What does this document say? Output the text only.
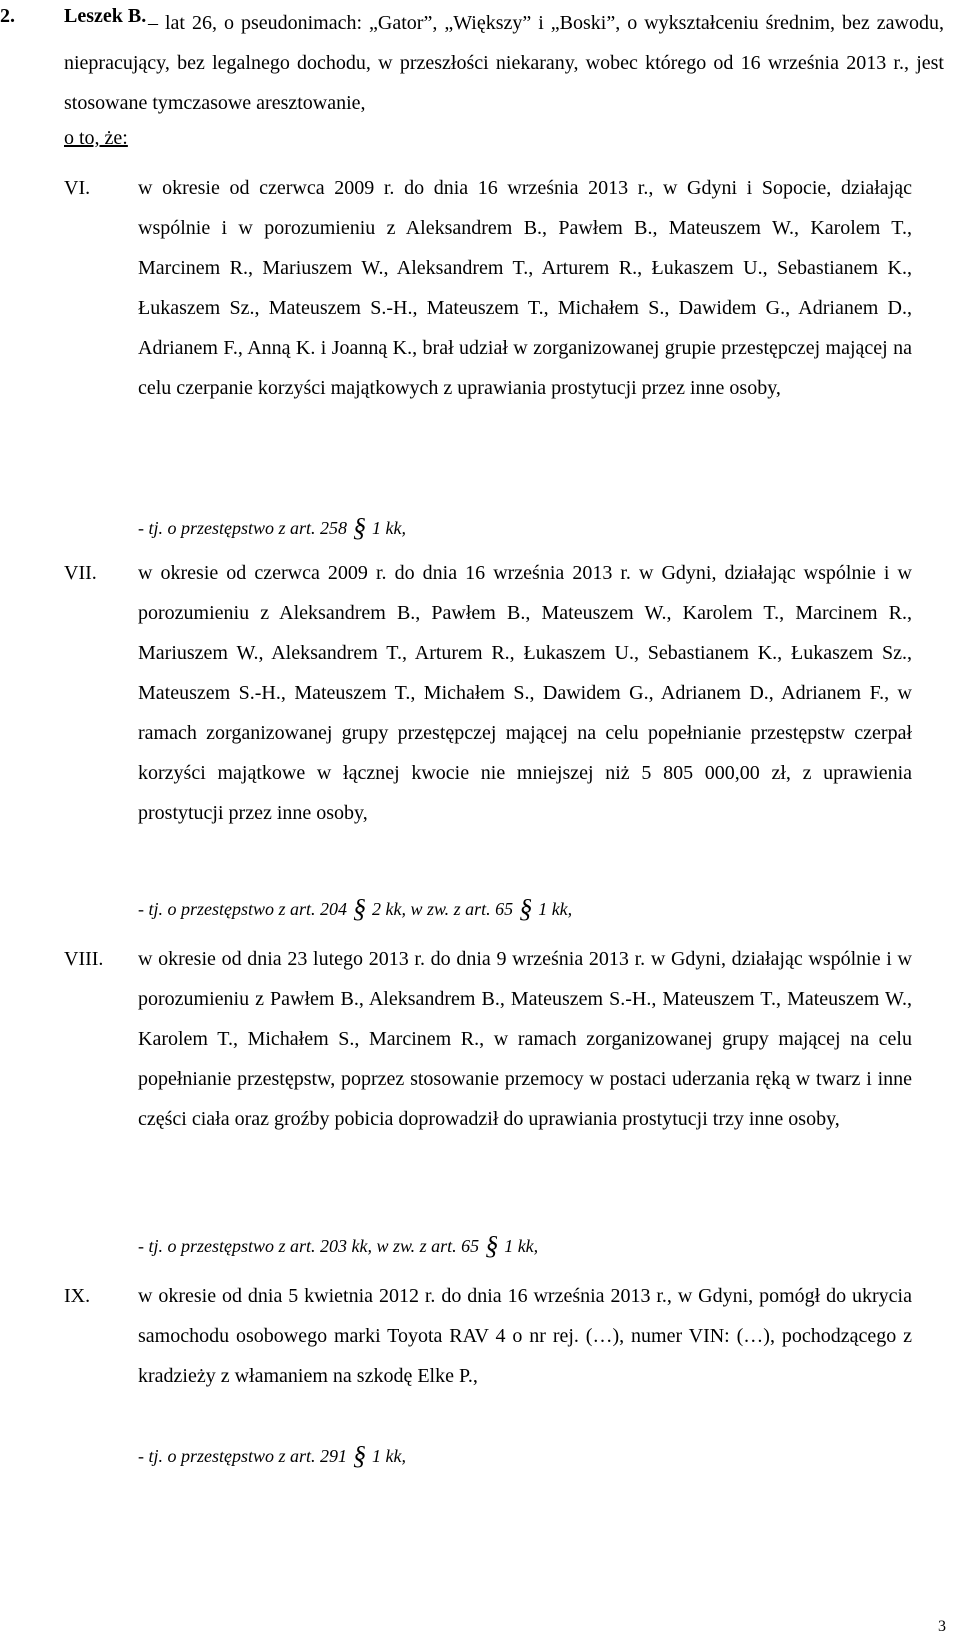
2. Leszek B. – lat 26, o pseudonimach: „Gator”, „Większy” i „Boski”, o wykształceniu średnim, bez zawodu, niepracujący, bez legalnego dochodu, w przeszłości niekarany, wobec którego od 16 września 2013 r., jest stosowane tymczasowe aresztowanie,
o to, że:
VI. w okresie od czerwca 2009 r. do dnia 16 września 2013 r., w Gdyni i Sopocie, działając wspólnie i w porozumieniu z Aleksandrem B., Pawłem B., Mateuszem W., Karolem T., Marcinem R., Mariuszem W., Aleksandrem T., Arturem R., Łukaszem U., Sebastianem K., Łukaszem Sz., Mateuszem S.-H., Mateuszem T., Michałem S., Dawidem G., Adrianem D., Adrianem F., Anną K. i Joanną K., brał udział w zorganizowanej grupie przestępczej mającej na celu czerpanie korzyści majątkowych z uprawiania prostytucji przez inne osoby,
- tj. o przestępstwo z art. 258 § 1 kk,
VII. w okresie od czerwca 2009 r. do dnia 16 września 2013 r. w Gdyni, działając wspólnie i w porozumieniu z Aleksandrem B., Pawłem B., Mateuszem W., Karolem T., Marcinem R., Mariuszem W., Aleksandrem T., Arturem R., Łukaszem U., Sebastianem K., Łukaszem Sz., Mateuszem S.-H., Mateuszem T., Michałem S., Dawidem G., Adrianem D., Adrianem F., w ramach zorganizowanej grupy przestępczej mającej na celu popełnianie przestępstw czerpał korzyści majątkowe w łącznej kwocie nie mniejszej niż 5 805 000,00 zł, z uprawienia prostytucji przez inne osoby,
- tj. o przestępstwo z art. 204 § 2 kk, w zw. z art. 65 § 1 kk,
VIII. w okresie od dnia 23 lutego 2013 r. do dnia 9 września 2013 r. w Gdyni, działając wspólnie i w porozumieniu z Pawłem B., Aleksandrem B., Mateuszem S.-H., Mateuszem T., Mateuszem W., Karolem T., Michałem S., Marcinem R., w ramach zorganizowanej grupy mającej na celu popełnianie przestępstw, poprzez stosowanie przemocy w postaci uderzania ręką w twarz i inne części ciała oraz groźby pobicia doprowadził do uprawiania prostytucji trzy inne osoby,
- tj. o przestępstwo z art. 203 kk, w zw. z art. 65 § 1 kk,
IX. w okresie od dnia 5 kwietnia 2012 r. do dnia 16 września 2013 r., w Gdyni, pomógł do ukrycia samochodu osobowego marki Toyota RAV 4 o nr rej. (…), numer VIN: (…), pochodzącego z kradzieży z włamaniem na szkodę Elke P.,
- tj. o przestępstwo z art. 291 § 1 kk,
3
